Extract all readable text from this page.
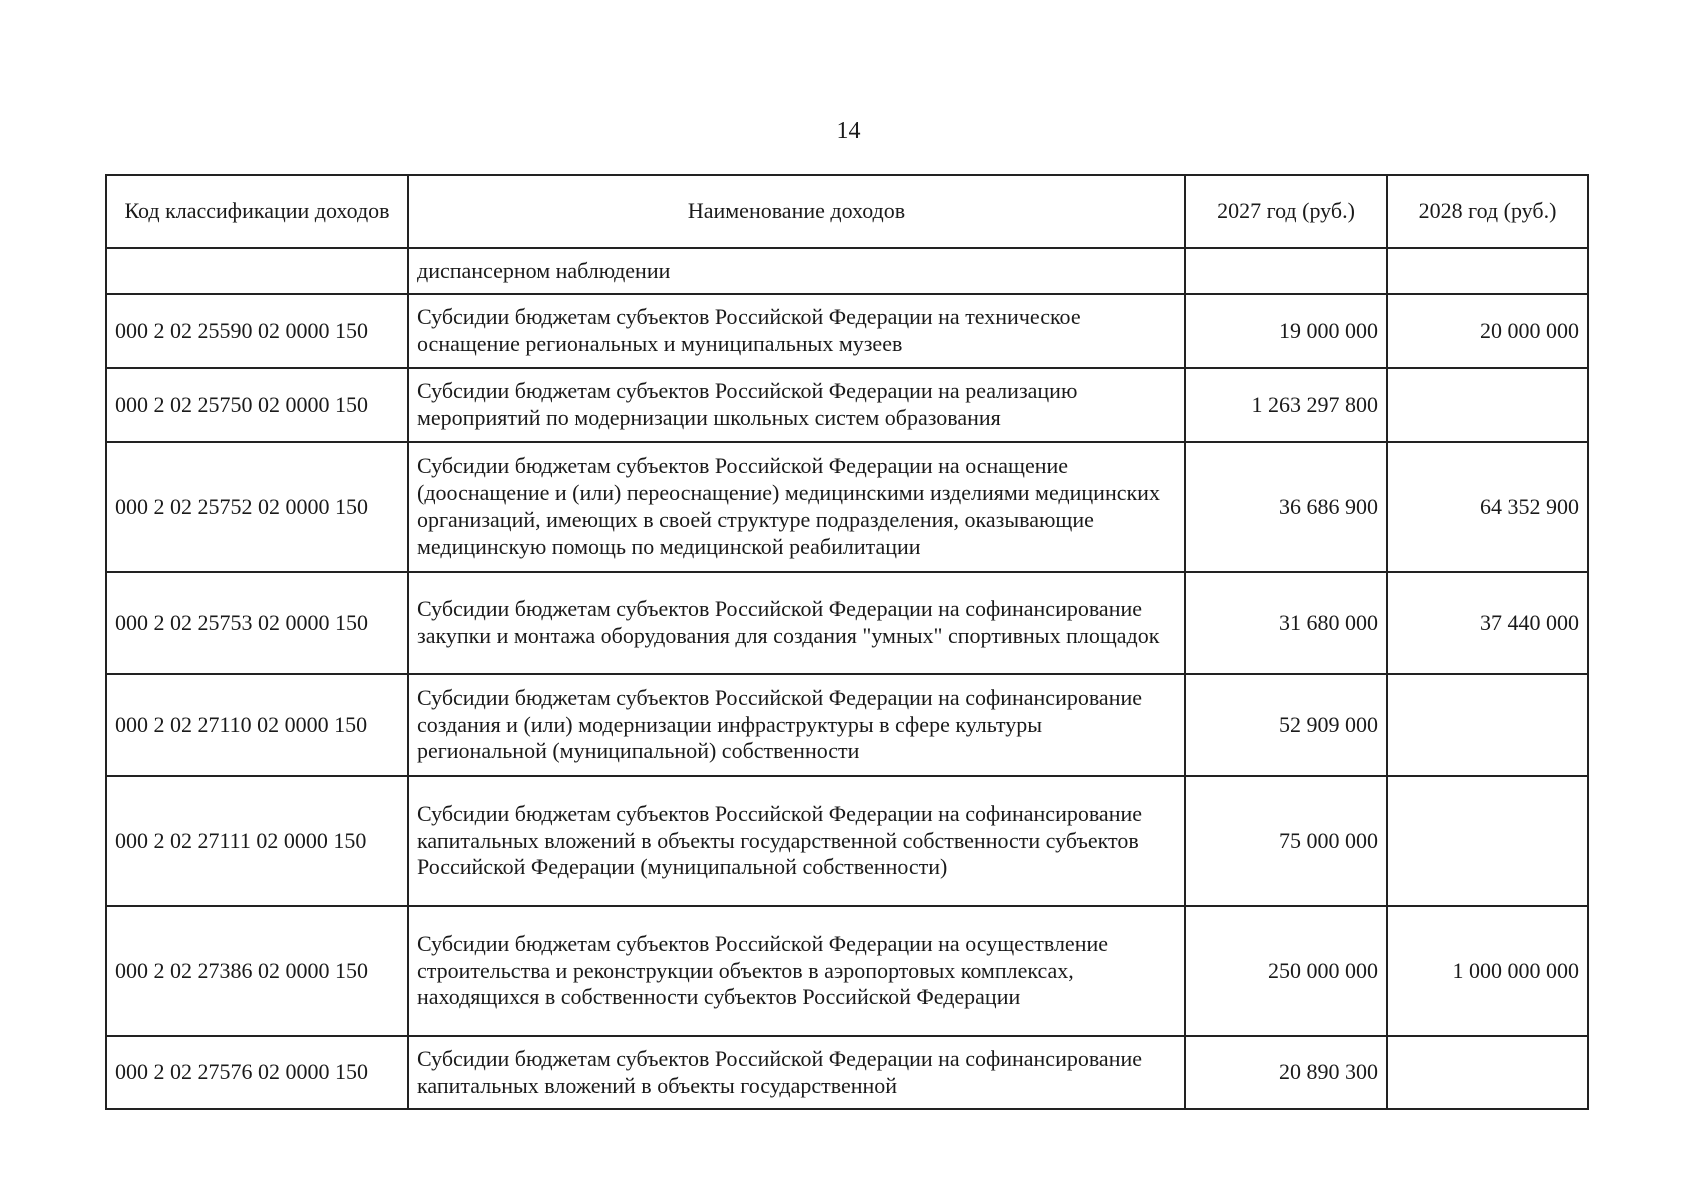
14
Код классификации доходов	Наименование доходов	2027 год (руб.)	2028 год (руб.)
	диспансерном наблюдении		
000 2 02 25590 02 0000 150	Субсидии бюджетам субъектов Российской Федерации на техническое оснащение региональных и муниципальных музеев	19 000 000	20 000 000
000 2 02 25750 02 0000 150	Субсидии бюджетам субъектов Российской Федерации на реализацию мероприятий по модернизации школьных систем образования	1 263 297 800	
000 2 02 25752 02 0000 150	Субсидии бюджетам субъектов Российской Федерации на оснащение (дооснащение и (или) переоснащение) медицинскими изделиями медицинских организаций, имеющих в своей структуре подразделения, оказывающие медицинскую помощь по медицинской реабилитации	36 686 900	64 352 900
000 2 02 25753 02 0000 150	Субсидии бюджетам субъектов Российской Федерации на софинансирование закупки и монтажа оборудования для создания "умных" спортивных площадок	31 680 000	37 440 000
000 2 02 27110 02 0000 150	Субсидии бюджетам субъектов Российской Федерации на софинансирование создания и (или) модернизации инфраструктуры в сфере культуры региональной (муниципальной) собственности	52 909 000	
000 2 02 27111 02 0000 150	Субсидии бюджетам субъектов Российской Федерации на софинансирование капитальных вложений в объекты государственной собственности субъектов Российской Федерации (муниципальной собственности)	75 000 000	
000 2 02 27386 02 0000 150	Субсидии бюджетам субъектов Российской Федерации на осуществление строительства и реконструкции объектов в аэропортовых комплексах, находящихся в собственности субъектов Российской Федерации	250 000 000	1 000 000 000
000 2 02 27576 02 0000 150	Субсидии бюджетам субъектов Российской Федерации на софинансирование капитальных вложений в объекты государственной	20 890 300	
